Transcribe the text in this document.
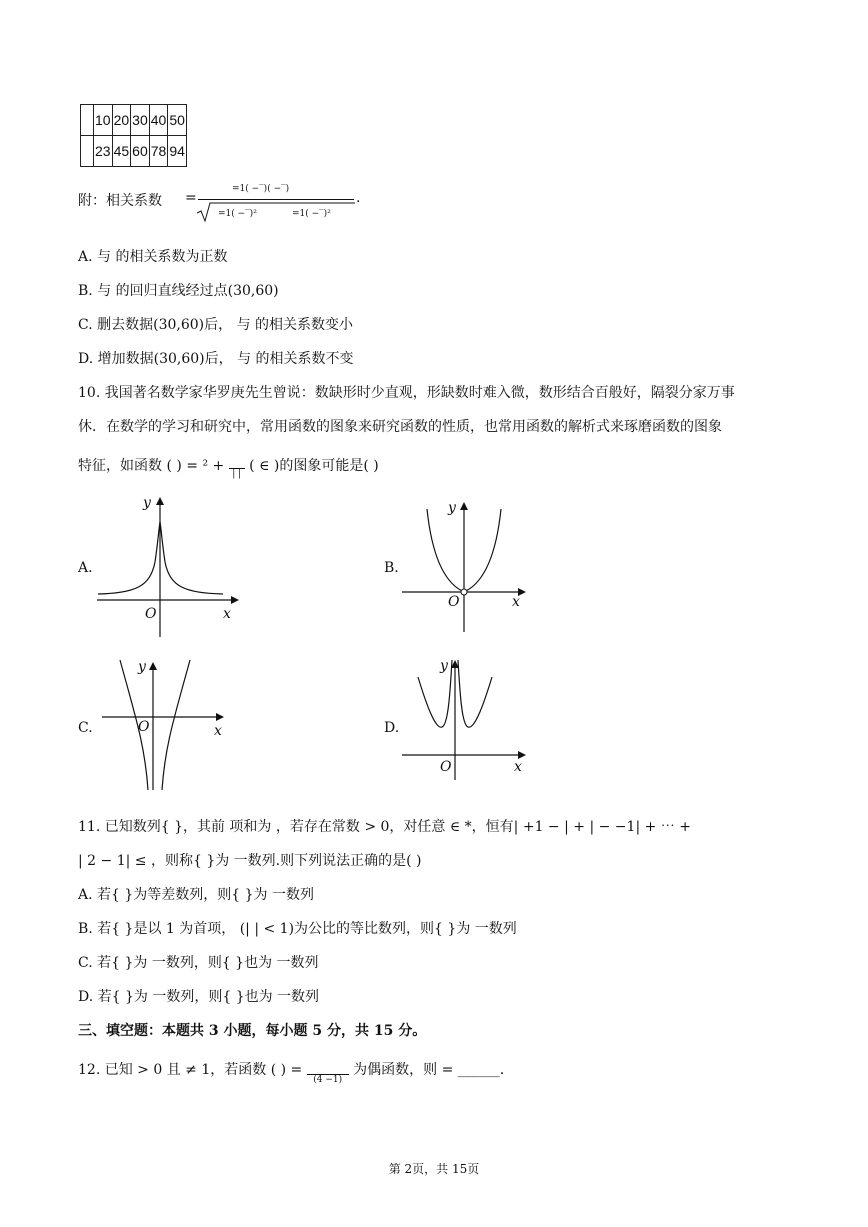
	10	20	30	40	50
	23	45	60	78	94
附：相关系数 =
=1( −‾)( −‾)
=1( −‾)²	=1( −‾)²
.
A. 与 的相关系数为正数
B. 与 的回归直线经过点(30,60)
C. 删去数据(30,60)后， 与 的相关系数变小
D. 增加数据(30,60)后， 与 的相关系数不变
10. 我国著名数学家华罗庚先生曾说：数缺形时少直观，形缺数时难入微，数形结合百般好，隔裂分家万事
休．在数学的学习和研究中，常用函数的图象来研究函数的性质，也常用函数的解析式来琢磨函数的图象
特征，如函数 ( ) = ² + | | ( ∈ )的图象可能是( )
A.
y
O	x
B.
y
O	x
C.
y
O	x	D.
y
O	x
11. 已知数列{ }，其前 项和为 ，若存在常数 > 0，对任意 ∈ *，恒有| +1 − | + | − −1| + ⋯ +
| 2 − 1| ≤ ，则称{ }为 一数列.则下列说法正确的是( )
A. 若{ }为等差数列，则{ }为 一数列
B. 若{ }是以 1 为首项， (| | < 1)为公比的等比数列，则{ }为 一数列
C. 若{ }为 一数列，则{ }也为 一数列
D. 若{ }为 一数列，则{ }也为 一数列
三、填空题：本题共 3 小题，每小题 5 分，共 15 分。
12. 已知 > 0 且 ≠ 1，若函数 ( ) = (4 −1) 为偶函数，则 = ______.
第 2页，共 15页
